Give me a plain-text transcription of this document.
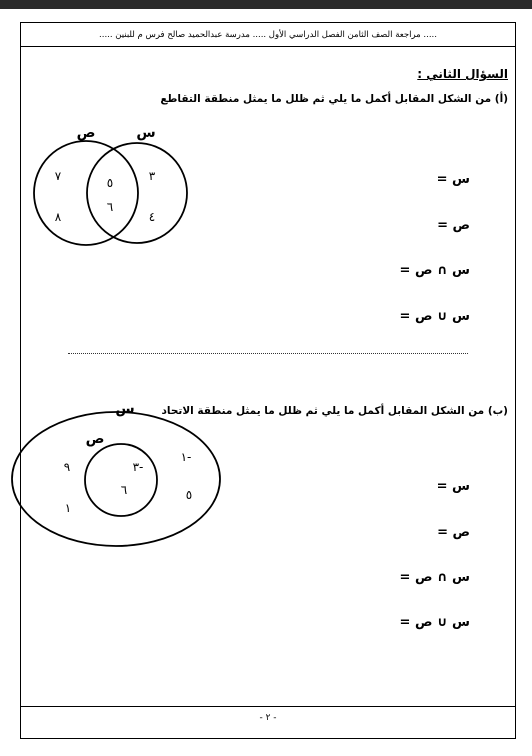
..... مراجعة الصف الثامن الفصل الدراسي الأول ..... مدرسة عبدالحميد صالح فرس م للبنين .....
السؤال الثاني :
(أ) من الشكل المقابل أكمل ما يلي ثم ظلل ما يمثل منطقة التقاطع
ص	س
٧
٨
٥
٦
٣
٤
س
ص
٩
١-
١
٥
٣-
٦
س =
ص =
س ∩ ص =
س ∪ ص =
(ب) من الشكل المقابل أكمل ما يلي ثم ظلل ما يمثل منطقة الاتحاد
س =
ص =
س ∩ ص =
س ∪ ص =
- ٢ -
